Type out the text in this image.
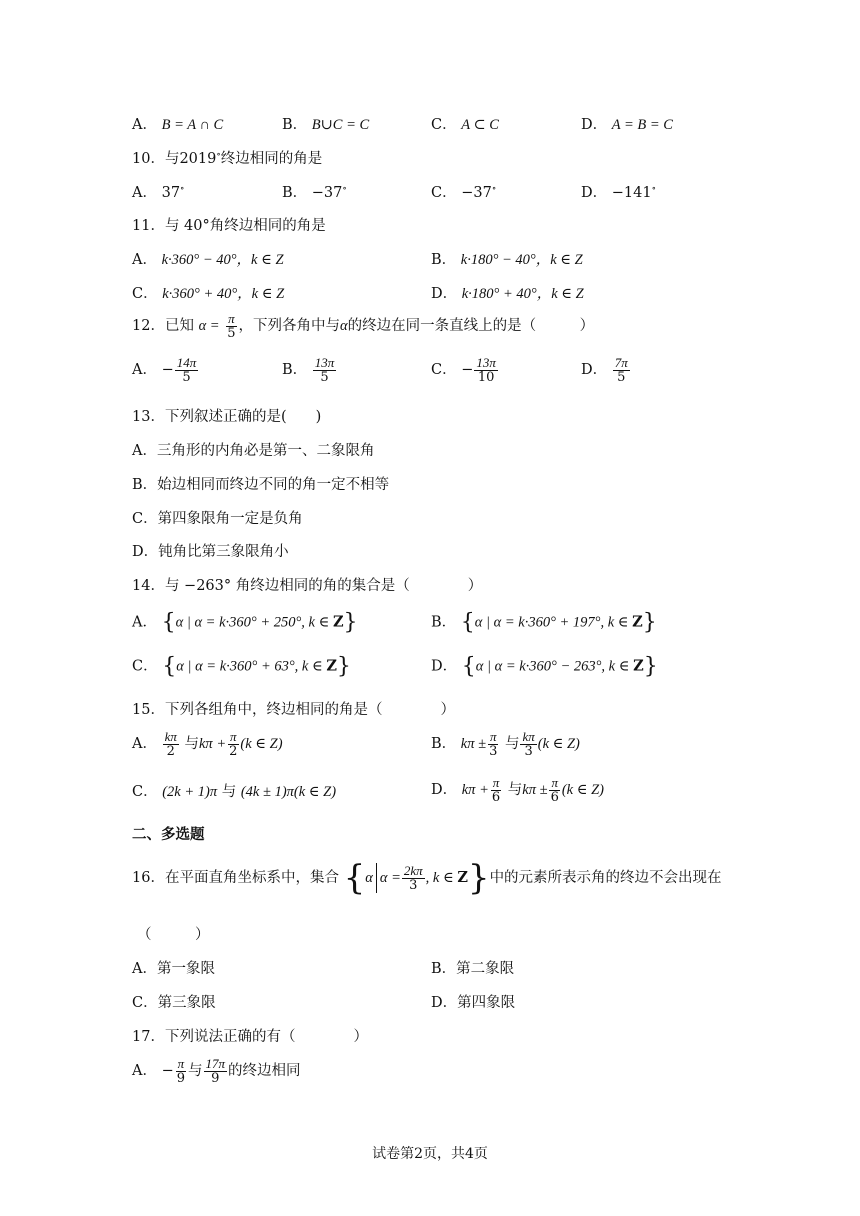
A． B = A ∩ C	B． B∪C = C	C． A ⊂ C	D． A = B = C
10．与2019∘终边相同的角是
A． 37∘	B． −37∘	C． −37∘	D． −141∘
11．与 40°角终边相同的角是
A． k·360° − 40°，k ∈ Z	B． k·180° − 40°，k ∈ Z
C． k·360° + 40°，k ∈ Z	D． k·180° + 40°，k ∈ Z
12．已知 $\alpha = \frac{\pi}{5}$ ，下列各角中与α的终边在同一条直线上的是（　　　）
A． − $\frac{14\pi}{5}$	B． $\frac{13\pi}{5}$	C． − $\frac{13\pi}{10}$	D． $\frac{7\pi}{5}$
13．下列叙述正确的是(　　)
A．三角形的内角必是第一、二象限角
B．始边相同而终边不同的角一定不相等
C．第四象限角一定是负角
D．钝角比第三象限角小
14．与 −263° 角终边相同的角的集合是（　　　　）
A． {α | α = k·360° + 250°, k ∈ Z}	B． {α | α = k·360° + 197°, k ∈ Z}
C． {α | α = k·360° + 63°, k ∈ Z}	D． {α | α = k·360° − 263°, k ∈ Z}
15．下列各组角中，终边相同的角是（　　　　）
A． $\frac{k\pi}{2}$ 与$k\pi + \frac{\pi}{2} (k$ ∈ Z)	B． $k\pi \pm \frac{\pi}{3}$ 与 $\frac{k\pi}{3} (k$ ∈ Z)
C． (2k + 1)π 与 (4k ± 1)π(k ∈ Z)	D． $k\pi + \frac{\pi}{6}$ 与$k\pi \pm \frac{\pi}{6} (k$ ∈ Z)
二、多选题
16．在平面直角坐标系中，集合 {α $\alpha = \frac{2k\pi}{3}$ , k ∈ Z}中的元素所表示角的终边不会出现在
（　　　）
A．第一象限	B．第二象限
C．第三象限	D．第四象限
17．下列说法正确的有（　　　　）
A． − $\frac{\pi}{9}$ 与 $\frac{17\pi}{9}$ 的终边相同
试卷第2页，共4页
